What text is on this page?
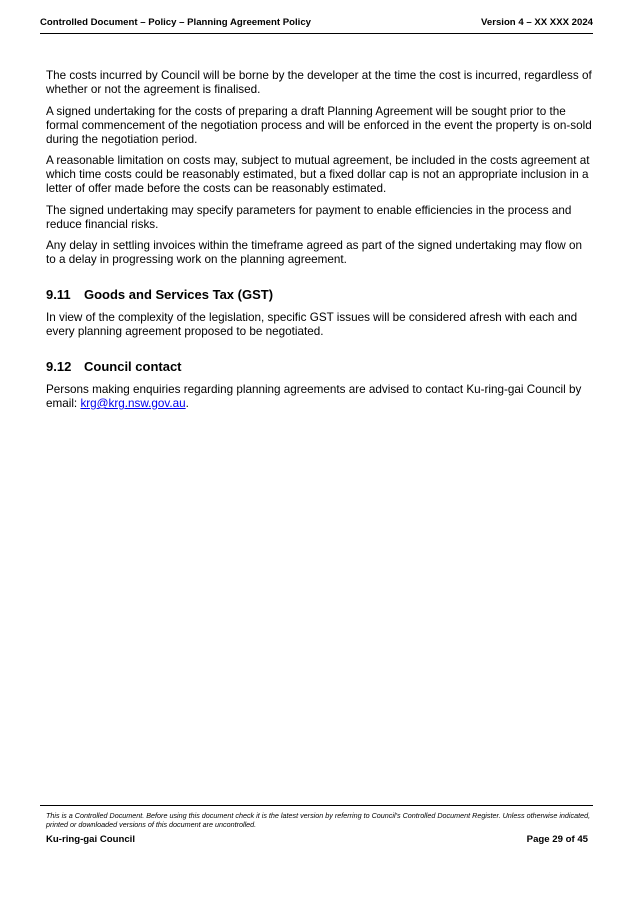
Controlled Document – Policy – Planning Agreement Policy	Version 4 – XX XXX 2024

The costs incurred by Council will be borne by the developer at the time the cost is incurred, regardless of whether or not the agreement is finalised.

A signed undertaking for the costs of preparing a draft Planning Agreement will be sought prior to the formal commencement of the negotiation process and will be enforced in the event the property is on-sold during the negotiation period.

A reasonable limitation on costs may, subject to mutual agreement, be included in the costs agreement at which time costs could be reasonably estimated, but a fixed dollar cap is not an appropriate inclusion in a letter of offer made before the costs can be reasonably estimated.

The signed undertaking may specify parameters for payment to enable efficiencies in the process and reduce financial risks.

Any delay in settling invoices within the timeframe agreed as part of the signed undertaking may flow on to a delay in progressing work on the planning agreement.

9.11 Goods and Services Tax (GST)

In view of the complexity of the legislation, specific GST issues will be considered afresh with each and every planning agreement proposed to be negotiated.

9.12 Council contact

Persons making enquiries regarding planning agreements are advised to contact Ku-ring-gai Council by email: krg@krg.nsw.gov.au.

This is a Controlled Document. Before using this document check it is the latest version by referring to Council’s Controlled Document Register. Unless otherwise indicated, printed or downloaded versions of this document are uncontrolled.
Ku-ring-gai Council	Page 29 of 45
